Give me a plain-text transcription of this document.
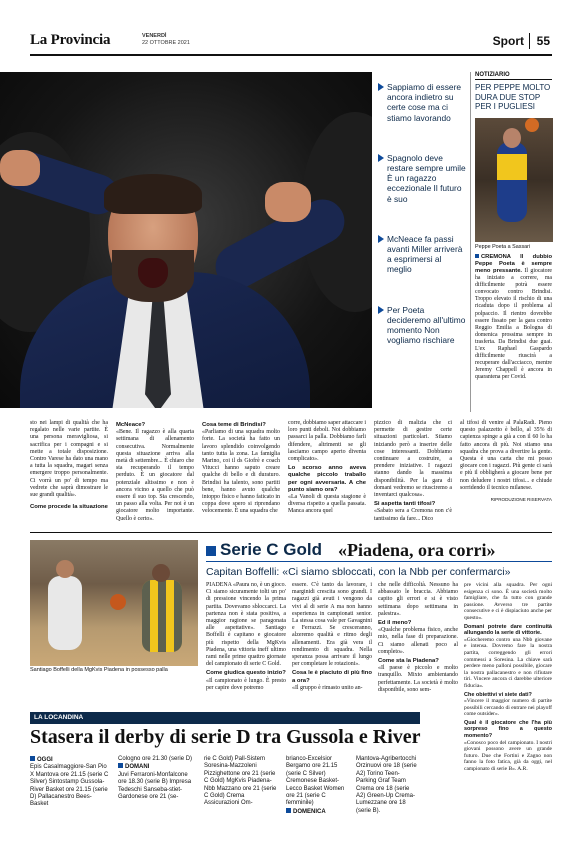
La Provincia	VENERDÌ
22 OTTOBRE 2021	Sport 55
Sappiamo di essere ancora indietro su certe cose ma ci stiamo lavorando
Spagnolo deve restare sempre umile È un ragazzo eccezionale Il futuro è suo
McNeace fa passi avanti Miller arriverà a esprimersi al meglio
Per Poeta decideremo all'ultimo momento Non vogliamo rischiare
NOTIZIARIO
PER PEPPE MOLTO DURA DUE STOP PER I PUGLIESI
Peppe Poeta a Sassari
CREMONA Il dubbio Peppe Poeta è sempre meno pressante. Il giocatore ha iniziato a correre, ma difficilmente potrà essere convocato contro Brindisi. Troppo elevato il rischio di una ricaduta dopo il problema al polpaccio. Il rientro dovrebbe essere fissato per la gara contro Reggio Emilia a Bologna di domenica prossima sempre in trasferta. Da Brindisi due guai. L'ex Raphael Gaspardo difficilmente riuscirà a recuperare dall'acciacco, mentre Jeremy Chappell è ancora in quarantena per Covid.
sto nei lampi di qualità che ha regalato nelle varie partite. È una persona meravigliosa, si sacrifica per i compagni e si mette a totale disposizione. Contro Varese ha dato una mano a tutta la squadra, magari senza emergere troppo personalmente. Ci vorrà un po' di tempo ma vedrete che saprà dimostrare le sue grandi qualità».
Come procede la situazione
McNeace?
«Bene. Il ragazzo è alla quarta settimana di allenamento consecutiva. Normalmente questa situazione arriva alla metà di settembre... È chiaro che sta recuperando il tempo perduto. È un giocatore dal potenziale altissimo e non è ancora vicino a quello che può essere il suo top. Sta crescendo, un passo alla volta. Per noi è un giocatore molto importante. Quello è certo».
Cosa teme di Brindisi?
«Parliamo di una squadra molto forte. La società ha fatto un lavoro splendido coinvolgendo tanto tutta la zona. La famiglia Marino, coi il ds Giofrè e coach Vitucci hanno saputo creare qualche di bello e di duraturo. Brindisi ha talento, sono partiti bene, hanno avuto qualche intoppo fisico e hanno faticato in coppa dove spero si riprendano velocemente. È una squadra che
corre, dobbiamo saper attaccare i loro punti deboli. Noi dobbiamo passarci la palla. Dobbiamo farli difendere, altrimenti se gli lasciamo campo aperto diventa complicato».
Lo scorso anno aveva qualche piccolo traballo per ogni avversaria. A che punto siamo ora?
«La Vanoli di questa stagione è diversa rispetto a quella passata. Manca ancora quel
pizzico di malizia che ci permette di gestire certe situazioni particolari. Stiamo iniziando però a inserire delle cose interessanti. Dobbiamo continuare a costruire, a prendere iniziative. I ragazzi stanno dando la massima disponibilità. Per la gara di domani vedremo se riusciremo a inventarci qualcosa».
Si aspetta tanti tifosi?
«Sabato sera a Cremona non c'è tantissimo da fare... Dico
al tifosi di venire al PalaRadi. Pieno questo palazzetto è bello, al 35% di capienza spinge a già a con il 60 lo ha fatto ancora di più. Noi stiamo una squadra che prova a divertire la gente. Questa è una carta che mi posso giocare con i ragazzi. Più gente ci sarà e più il obbligherà a giocare bene per non deludere i nostri tifosi... e chiude sorridendo il tecnico milanese.
RIPRODUZIONE RISERVATA
Santiago Boffelli della MgKvis Piadena in possesso palla
Serie C Gold «Piadena, ora corri»
Capitan Boffelli: «Ci siamo sbloccati, con la Nbb per confermarci»
PIADENA «Paura no, è un gioco. Ci siamo sicuramente tolti un po' di pressione vincendo la prima partita. Dovevamo sbloccarci. La partenza non è stata positiva, a maggior ragione se paragonata alle aspettative». Santiago Boffelli è capitano e giocatore più rispetto della MgKvis Piadena, una vittoria ineff ultimo rami nelle prime quattro giornate del campionato di serie C Gold.
Come giudica questo inizio?
«Il campionato è lungo. È presto per capire dove potremo
essere. C'è tanto da lavorare, i marginidi crescita sono grandi. I ragazzi già avuti i vengono da vivi al di serie A ma non hanno esperienza in campionati senior. La stessa cosa vale per Gavagnini e Ferrazzi. Se cresceranno, alzeremo qualità e ritmo degli allenamenti. Era già vera il rendimento di squadra. Nella speranza possa arrivare il lungo per completare le rotazioni».
Cosa le è piaciuto di più fino a ora?
«Il gruppo è rimasto unito an-
che nelle difficoltà. Nessuno ha abbassato le braccia. Abbiamo capito gli errori e si è visto settimana dopo settimana in palestra».
Ed il meno?
«Qualche problema fisico, anche mio, nella fase di preparazione. Ci siamo allenati poco al completo».
Come sta la Piadena?
«Il paese è piccolo e molto tranquillo. Mixto ambientando perfettamente. La società è molto disponibile, sono sem-
pre vicini alla squadra. Per ogni esigenza ci sono. È una società molto famigliare, che fa tutto con grande passione. Avverso tre partite consecutive e ci è dispiaciuto anche per questo».
Domani potrete dare continuità allungando la serie di vittorie.
«Giocheremo contro una Nbb giovane e intensa. Dovremo fare la nostra partita, correggendo gli errori commessi a Soresina. La chiave sarà perdere meno palloni possibile, giocare la nostra pallacanestro e non rifiutare tiri. Vincere ancora ci darebbe ulteriore fiducia».
Che obiettivi vi siete dati?
«Vincere il maggior numero di partite possibili cercando di entrare nei playoff come outsider».
Qual è il giocatore che l'ha più sorpreso fino a questo momento?
«Conosco poco del campionato. I nostri giovani possono avere un grande futuro. Due che Fortini e Zagno non fanno la foto fatica, già da oggi, nel campionato di serie B». A.R.
LA LOCANDINA
Stasera il derby di serie D tra Gussola e River
OGGI
Epis Casalmaggiore-San Pio X Mantova ore 21.15 (serie C Silver) Sintostamp Gussola-River Basket ore 21.15 (serie D) Pallacanestro Bees-Basket
Cologno ore 21.30 (serie D)
DOMANI
Juvi Ferraroni-Monfalcone ore 18.30 (serie B) Impresa Tedeschi Sanseba-stiet-Gardonese ore 21 (se-
rie C Gold) Pall-Sistem Soresina-Mazzoleni Pizzighettone ore 21 (serie C Gold) MgKvis Piadena-Nbb Mazzano ore 21 (serie C Gold) Crema Assicurazioni Om-
brianco-Excelsior Bergamo ore 21.15 (serie C Silver) Cremonese Basket-Lecco Basket Women ore 21 (serie C femminile)
DOMENICA
Mantova-Agribertocchi Orzinuovi ore 18 (serie A2) Torino Teen-Parking Graf Team Crema ore 18 (serie A2) Green-Up Crema-Lumezzane ore 18 (serie B).
